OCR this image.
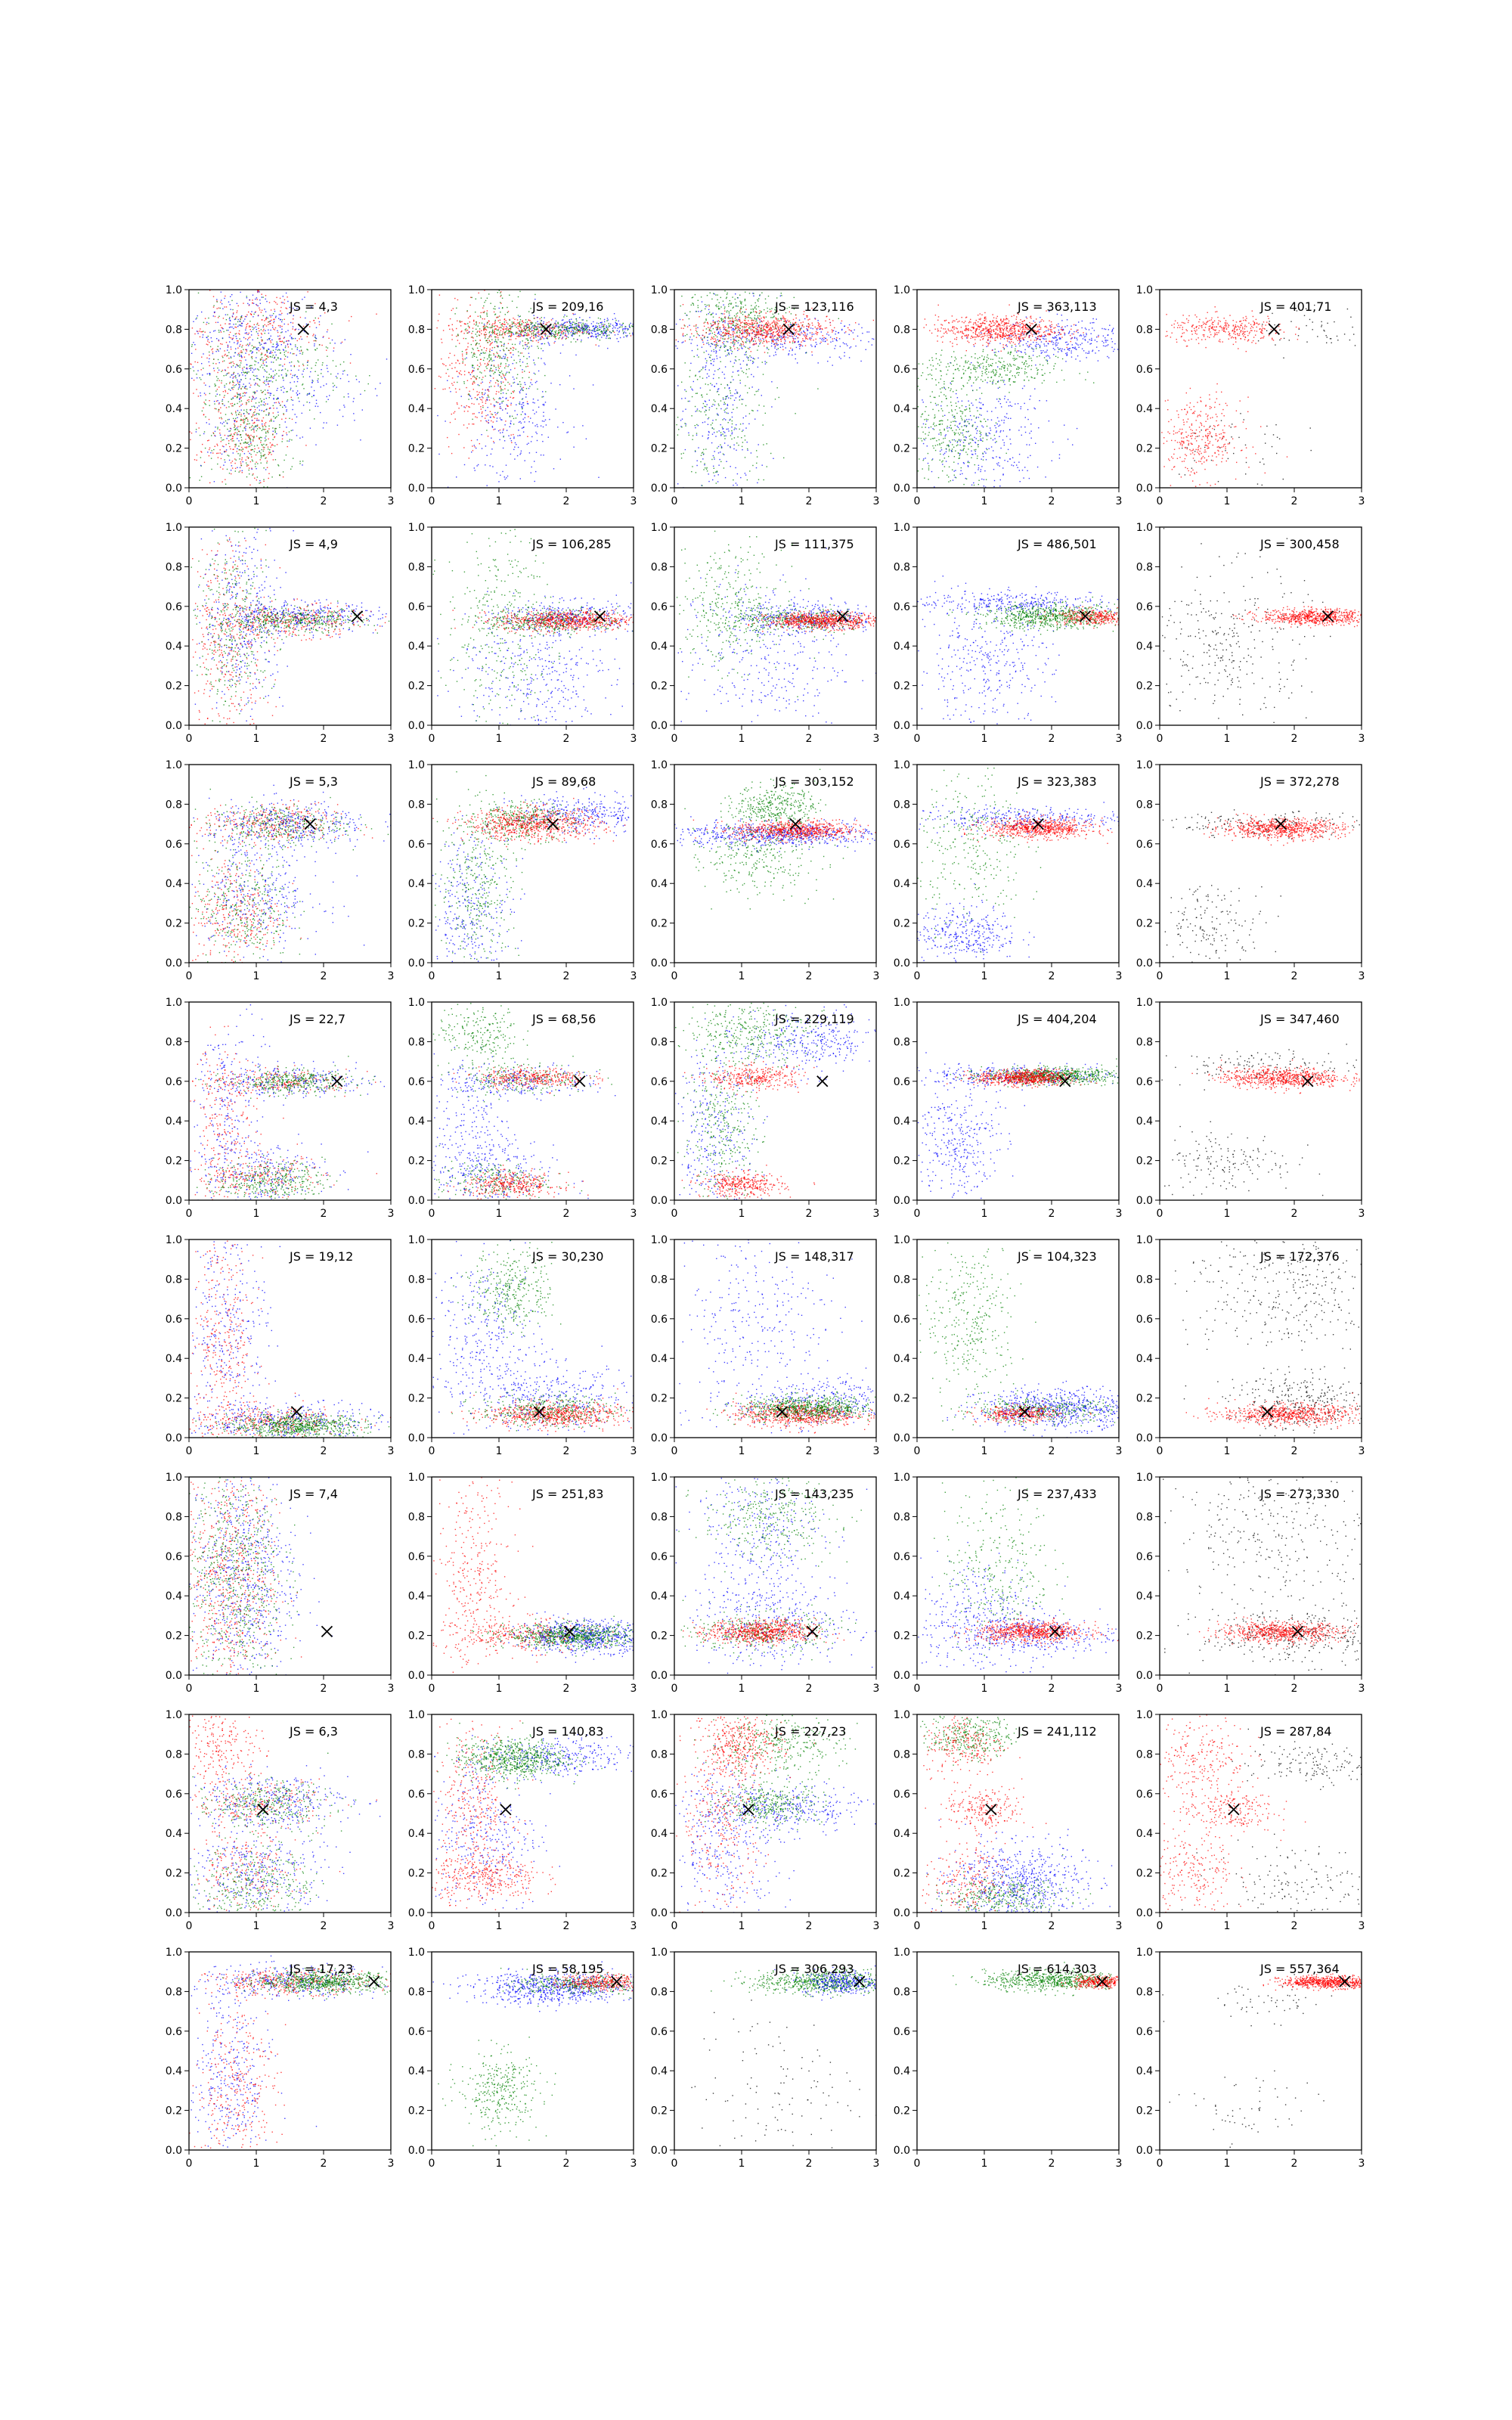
0	1	2	3
0.0
0.2
0.4
0.6
0.8
1.0
JS = 4,3
0	1	2	3
0.0
0.2
0.4
0.6
0.8
1.0
JS = 209,16
0	1	2	3
0.0
0.2
0.4
0.6
0.8
1.0
JS = 123,116
0	1	2	3
0.0
0.2
0.4
0.6
0.8
1.0
JS = 363,113
0	1	2	3
0.0
0.2
0.4
0.6
0.8
1.0
JS = 401,71
0	1	2	3
0.0
0.2
0.4
0.6
0.8
1.0
JS = 4,9
0	1	2	3
0.0
0.2
0.4
0.6
0.8
1.0
JS = 106,285
0	1	2	3
0.0
0.2
0.4
0.6
0.8
1.0
JS = 111,375
0	1	2	3
0.0
0.2
0.4
0.6
0.8
1.0
JS = 486,501
0	1	2	3
0.0
0.2
0.4
0.6
0.8
1.0
JS = 300,458
0	1	2	3
0.0
0.2
0.4
0.6
0.8
1.0
JS = 5,3
0	1	2	3
0.0
0.2
0.4
0.6
0.8
1.0
JS = 89,68
0	1	2	3
0.0
0.2
0.4
0.6
0.8
1.0
JS = 303,152
0	1	2	3
0.0
0.2
0.4
0.6
0.8
1.0
JS = 323,383
0	1	2	3
0.0
0.2
0.4
0.6
0.8
1.0
JS = 372,278
0	1	2	3
0.0
0.2
0.4
0.6
0.8
1.0
JS = 22,7
0	1	2	3
0.0
0.2
0.4
0.6
0.8
1.0
JS = 68,56
0	1	2	3
0.0
0.2
0.4
0.6
0.8
1.0
JS = 229,119
0	1	2	3
0.0
0.2
0.4
0.6
0.8
1.0
JS = 404,204
0	1	2	3
0.0
0.2
0.4
0.6
0.8
1.0
JS = 347,460
0	1	2	3
0.0
0.2
0.4
0.6
0.8
1.0
JS = 19,12
0	1	2	3
0.0
0.2
0.4
0.6
0.8
1.0
JS = 30,230
0	1	2	3
0.0
0.2
0.4
0.6
0.8
1.0
JS = 148,317
0	1	2	3
0.0
0.2
0.4
0.6
0.8
1.0
JS = 104,323
0	1	2	3
0.0
0.2
0.4
0.6
0.8
1.0
JS = 172,376
0	1	2	3
0.0
0.2
0.4
0.6
0.8
1.0
JS = 7,4
0	1	2	3
0.0
0.2
0.4
0.6
0.8
1.0
JS = 251,83
0	1	2	3
0.0
0.2
0.4
0.6
0.8
1.0
JS = 143,235
0	1	2	3
0.0
0.2
0.4
0.6
0.8
1.0
JS = 237,433
0	1	2	3
0.0
0.2
0.4
0.6
0.8
1.0
JS = 273,330
0	1	2	3
0.0
0.2
0.4
0.6
0.8
1.0
JS = 6,3
0	1	2	3
0.0
0.2
0.4
0.6
0.8
1.0
JS = 140,83
0	1	2	3
0.0
0.2
0.4
0.6
0.8
1.0
JS = 227,23
0	1	2	3
0.0
0.2
0.4
0.6
0.8
1.0
JS = 241,112
0	1	2	3
0.0
0.2
0.4
0.6
0.8
1.0
JS = 287,84
0	1	2	3
0.0
0.2
0.4
0.6
0.8
1.0
JS = 17,23
0	1	2	3
0.0
0.2
0.4
0.6
0.8
1.0
JS = 58,195
0	1	2	3
0.0
0.2
0.4
0.6
0.8
1.0
JS = 306,293
0	1	2	3
0.0
0.2
0.4
0.6
0.8
1.0
JS = 614,303
0	1	2	3
0.0
0.2
0.4
0.6
0.8
1.0
JS = 557,364
